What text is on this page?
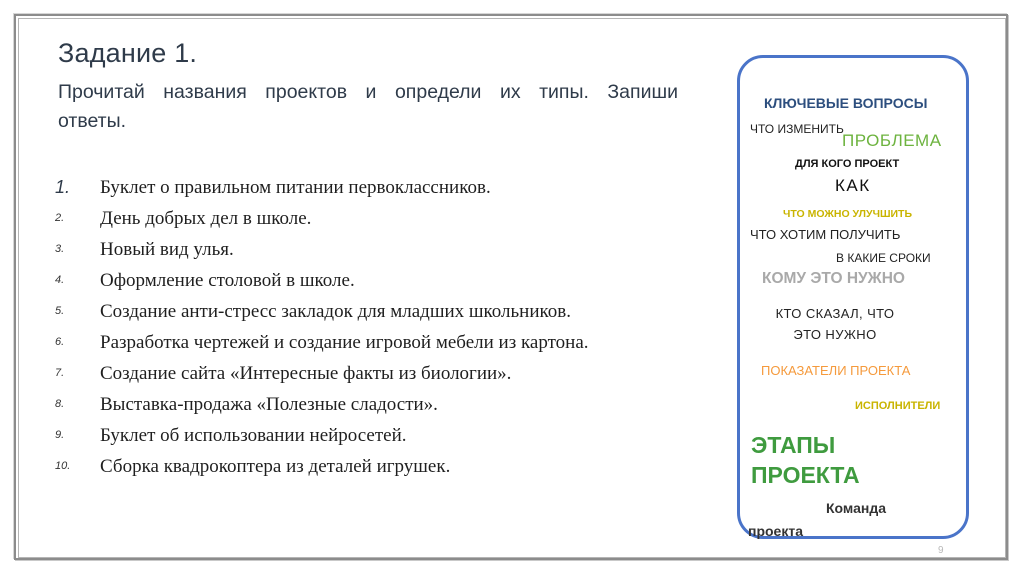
Задание 1.
Прочитай названия проектов и определи их типы. Запиши ответы.
1.	Буклет о правильном питании первоклассников.
2.	День добрых дел в школе.
3.	Новый вид улья.
4.	Оформление столовой в школе.
5.	Создание анти-стресс закладок для младших школьников.
6.	Разработка чертежей и создание игровой мебели из картона.
7.	Создание сайта «Интересные факты из биологии».
8.	Выставка-продажа «Полезные сладости».
9.	Буклет об использовании нейросетей.
10.	Сборка квадрокоптера из деталей игрушек.
КЛЮЧЕВЫЕ ВОПРОСЫ
ЧТО ИЗМЕНИТЬ
ПРОБЛЕМА
ДЛЯ КОГО ПРОЕКТ
КАК
ЧТО МОЖНО УЛУЧШИТЬ
ЧТО ХОТИМ ПОЛУЧИТЬ
В КАКИЕ СРОКИ
КОМУ ЭТО НУЖНО
КТО СКАЗАЛ, ЧТО ЭТО НУЖНО
ПОКАЗАТЕЛИ ПРОЕКТА
ИСПОЛНИТЕЛИ
ЭТАПЫ ПРОЕКТА
Команда проекта
9
